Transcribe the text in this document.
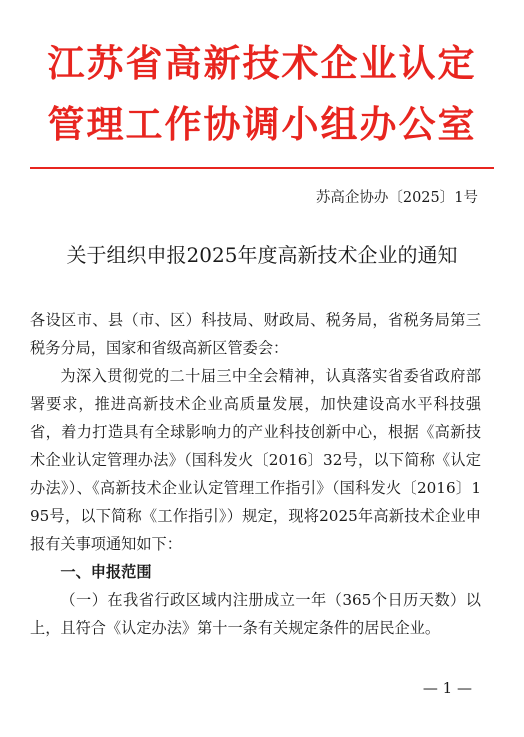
江苏省高新技术企业认定
管理工作协调小组办公室
苏高企协办〔2025〕1号
关于组织申报2025年度高新技术企业的通知

各设区市、县（市、区）科技局、财政局、税务局，省税务局第三税务分局，国家和省级高新区管委会：

为深入贯彻党的二十届三中全会精神，认真落实省委省政府部署要求，推进高新技术企业高质量发展，加快建设高水平科技强省，着力打造具有全球影响力的产业科技创新中心，根据《高新技术企业认定管理办法》（国科发火〔2016〕32号，以下简称《认定办法》）、《高新技术企业认定管理工作指引》（国科发火〔2016〕195号，以下简称《工作指引》）规定，现将2025年高新技术企业申报有关事项通知如下：

一、申报范围

（一）在我省行政区域内注册成立一年（365个日历天数）以上，且符合《认定办法》第十一条有关规定条件的居民企业。

— 1 —
